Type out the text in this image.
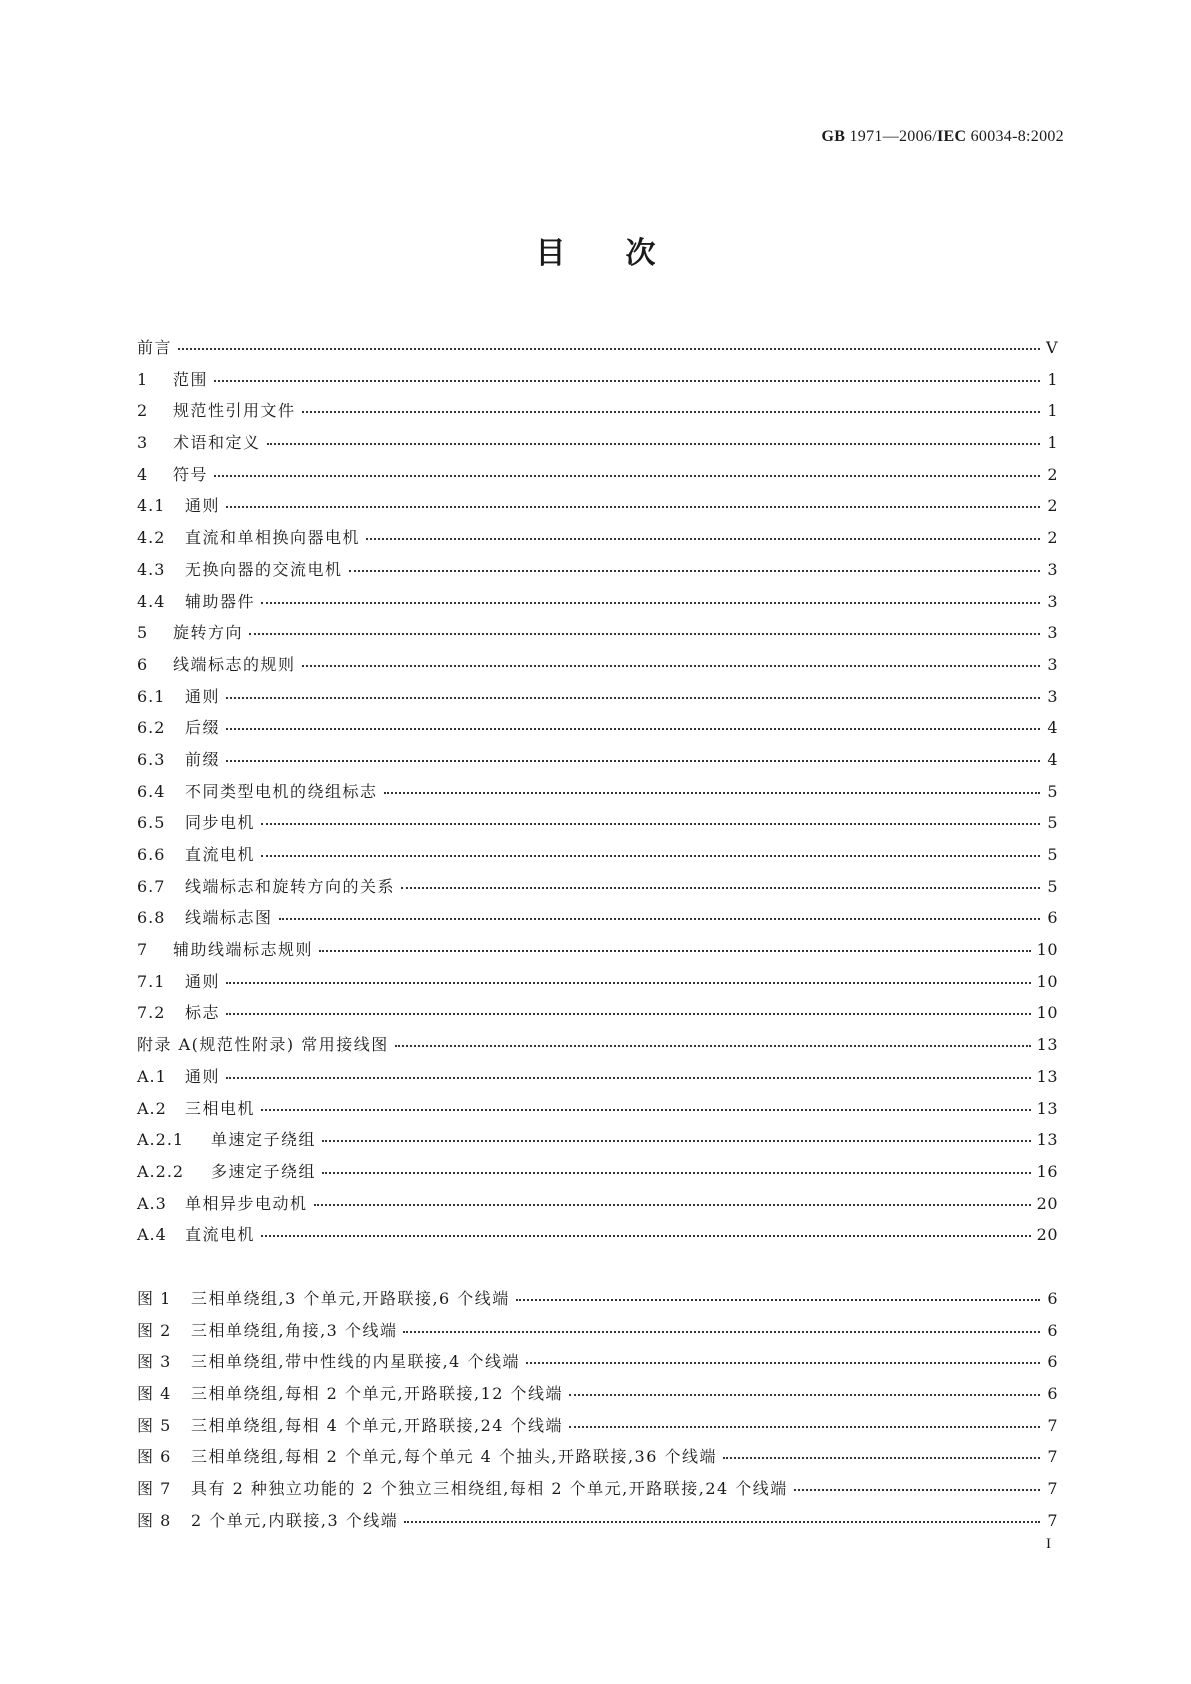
GB 1971—2006/IEC 60034-8:2002
目次
前言	V
1	范围	1
2	规范性引用文件	1
3	术语和定义	1
4	符号	2
4.1	通则	2
4.2	直流和单相换向器电机	2
4.3	无换向器的交流电机	3
4.4	辅助器件	3
5	旋转方向	3
6	线端标志的规则	3
6.1	通则	3
6.2	后缀	4
6.3	前缀	4
6.4	不同类型电机的绕组标志	5
6.5	同步电机	5
6.6	直流电机	5
6.7	线端标志和旋转方向的关系	5
6.8	线端标志图	6
7	辅助线端标志规则	10
7.1	通则	10
7.2	标志	10
附录 A(规范性附录) 常用接线图	13
A.1	通则	13
A.2	三相电机	13
A.2.1	单速定子绕组	13
A.2.2	多速定子绕组	16
A.3	单相异步电动机	20
A.4	直流电机	20
图 1	三相单绕组,3 个单元,开路联接,6 个线端	6
图 2	三相单绕组,角接,3 个线端	6
图 3	三相单绕组,带中性线的内星联接,4 个线端	6
图 4	三相单绕组,每相 2 个单元,开路联接,12 个线端	6
图 5	三相单绕组,每相 4 个单元,开路联接,24 个线端	7
图 6	三相单绕组,每相 2 个单元,每个单元 4 个抽头,开路联接,36 个线端	7
图 7	具有 2 种独立功能的 2 个独立三相绕组,每相 2 个单元,开路联接,24 个线端	7
图 8	2 个单元,内联接,3 个线端	7
I
